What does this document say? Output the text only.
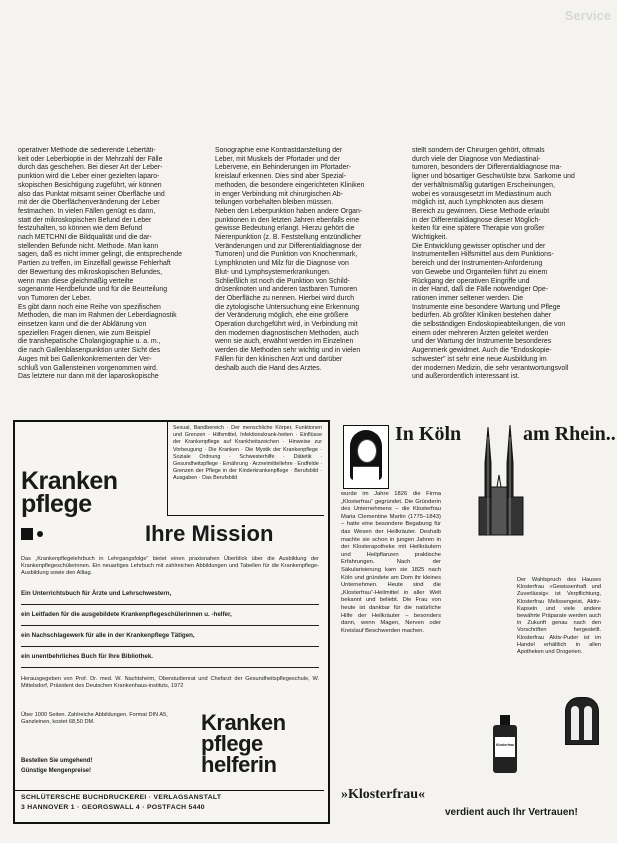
Service
operativer Methode die sedierende Lebertäti-
keit oder Leberbioptie in der Mehrzahl der Fälle
durch das geschehen. Bei dieser Art der Leber-
punktion wird die Leber einer gezielten laparo-
skopischen Besichtigung zugeführt, wir können
also das Punktat mitsamt seiner Oberfläche und
mit der die Oberflächenveränderung der Leber
festmachen. In vielen Fällen genügt es dann,
statt der mikroskopischen Befund der Leber
festzuhalten, so können wie dem Befund
nach METCHNI die Bildqualität und die dar-
stellenden Befunde nicht. Methode. Man kann
sagen, daß es nicht immer gelingt, die entsprechende
Partien zu treffen, im Einzelfall gewisse Fehlerhaft
der Bewertung des mikroskopischen Befundes,
wenn man diese gleichmäßig verteilte
sogenannte Herdbefunde und für die Beurteilung
von Tumoren der Leber.
Es gibt dann noch eine Reihe von spezifischen
Methoden, die man im Rahmen der Leberdiagnostik
einsetzen kann und die der Abklärung von
speziellen Fragen dienen, wie zum Beispiel
die transhepatische Cholangiographie u. a. m.,
die nach Gallenblasenpunktion unter Sicht des
Auges mit bei Gallenkonkrementen der Ver-
schluß von Gallensteinen vorgenommen wird.
Das letztere nur dann mit der laparoskopische
Sonographie eine Kontrastdarstellung der
Leber, mit Muskels der Pfortader und der
Lebervene, ein Behinderungen im Pfortader-
kreislauf erkennen. Dies sind aber Spezial-
methoden, die besondere eingerichteten Kliniken
in enger Verbindung mit chirurgischen Ab-
teilungen vorbehalten bleiben müssen.
Neben den Leberpunktion haben andere Organ-
punktionen in den letzten Jahren ebenfalls eine
gewisse Bedeutung erlangt. Hierzu gehört die
Nierenpunktion (z. B. Feststellung entzündlicher
Veränderungen und zur Differentialdiagnose der
Tumoren) und die Punktion von Knochenmark,
Lymphknoten und Milz für die Diagnose von
Blut- und Lymphsystemerkrankungen.
Schließlich ist noch die Punktion von Schild-
drüsenknoten und anderen tastbaren Tumoren
der Oberfläche zu nennen. Hierbei wird durch
die zytologische Untersuchung eine Erkennung
der Veränderung möglich, ehe eine größere
Operation durchgeführt wird, in Verbindung mit
den modernen diagnostischen Methoden, auch
wenn sie auch, erwähnt werden im Einzelnen
werden die Methoden sehr wichtig und in vielen
Fällen für den klinischen Arzt und darüber
deshalb auch die Hand des Arztes.
stellt sondern der Chirurgen gehört, oftmals
durch viele der Diagnose von Mediastinal-
tumoren, besonders der Differentialdiagnose ma-
ligner und bösartiger Geschwülste bzw. Sarkome und
der verhältnismäßig gutartigen Erscheinungen,
wobei es vorausgesetzt im Mediastinum auch
möglich ist, auch Lymphknoten aus diesem
Bereich zu gewinnen. Diese Methode erlaubt
in der Differentialdiagnose dieser Möglich-
keiten für eine spätere Therapie von großer
Wichtigkeit.
Die Entwicklung gewisser optischer und der
Instrumentellen Hilfsmittel aus dem Punktions-
bereich und der Instrumenten-Anforderung
von Gewebe und Organteilen führt zu einem
Rückgang der operativen Eingriffe und
in der Hand, daß die Fälle notwendiger Ope-
rationen immer seltener werden. Die
Instrumente eine besondere Wartung und Pflege
bedürfen. Ab größter Kliniken bestehen daher
die selbständigen Endoskopieabteilungen, die von
einem oder mehreren Ärzten geleitet werden
und der Wartung der Instrumente besonderes
Augenmerk gewidmet. Auch die "Endoskopie-
schwester" ist sehr eine neue Ausbildung im
der modernen Medizin, die sehr verantwortungsvoll
und außerordentlich interessant ist.
Kranken
pflege
Sexual, Bandbereich · Der menschliche Körper, Funktionen und Grenzen · Hilfsmittel, Infektionskrank-heiten · Einflüsse der Krankenpflege auf Krankheitszeichen · Hinweise zur Vorbeugung · Die Kranken · Die Mystik der Krankenpflege · Soziale Ordnung · Schwesterhilfe · Diätetik · Gesundheitspflege · Ernährung · Arzneimittellehre · Endfelde · Grenzen der Pflege in der Kinderkrankenpflege · Berufsbild · Ausgaben · Das Berufsbild
Ihre Mission
Das „Krankenpflegelehrbuch in Lehrgangsfolge“ bietet einen praxisnahen Überblick über die Ausbildung der Krankenpflegeschülerinnen. Ein neuartiges Lehrbuch mit zahlreichen Abbildungen und Tabellen für die Krankenpflege-Ausbildung sowie den Alltag.
Ein Unterrichtsbuch für Ärzte und Lehrschwestern,
ein Leitfaden für die ausgebildete Krankenpflegeschülerinnen u. -helfer,
ein Nachschlagewerk für alle in der Krankenpflege Tätigen,
ein unentbehrliches Buch für Ihre Bibliothek.
Herausgegeben von Prof. Dr. med. W. Nachtsheim, Oberstudienrat und Chefarzt der Gesundheitspflegeschule, W. Mittelsdorf, Präsident des Deutschen Krankenhaus-instituts, 1972
Über 1000 Seiten. Zahlreiche Abbildungen. Format DIN A5, Ganzleinen, kostet 68,50 DM.	Kranken
pflege
helferin
Bestellen Sie umgehend!
Günstige Mengenpreise!
SCHLÜTERSCHE BUCHDRUCKEREI · VERLAGSANSTALT
3 HANNOVER 1 · GEORGSWALL 4 · POSTFACH 5440
In Köln	am Rhein..
wurde im Jahre 1826 die Firma „Klosterfrau“ gegründet. Die Gründerin des Unternehmens – die Klosterfrau Maria Clementine Martin (1775–1843) – hatte eine besondere Begabung für das Wesen der Heilkräuter. Deshalb machte sie schon in jungen Jahren in der Klosterapotheke mit Heilkräutern und Heilpflanzen praktische Erfahrungen. Nach der Säkularisierung kam sie 1825 nach Köln und gründete am Dom ihr kleines Unternehmen. Heute sind die „Klosterfrau“-Heilmittel in aller Welt bekannt und beliebt. Die Frau von heute ist dankbar für die natürliche Hilfe der Heilkräuter – besonders dann, wenn Magen, Nerven oder Kreislauf Beschwerden machen.
Der Wahlspruch des Hauses Klosterfrau »Gewissenhaft und Zuverlässig« ist Verpflichtung, Klosterfrau Melissengeist, Aktiv-Kapseln und viele andere bewährte Präparate werden auch in Zukunft genau nach den Vorschriften hergestellt. Klosterfrau Aktiv-Puder ist im Handel erhältlich in allen Apotheken und Drogerien.
Klosterfrau
»Klosterfrau«
verdient auch Ihr Vertrauen!
